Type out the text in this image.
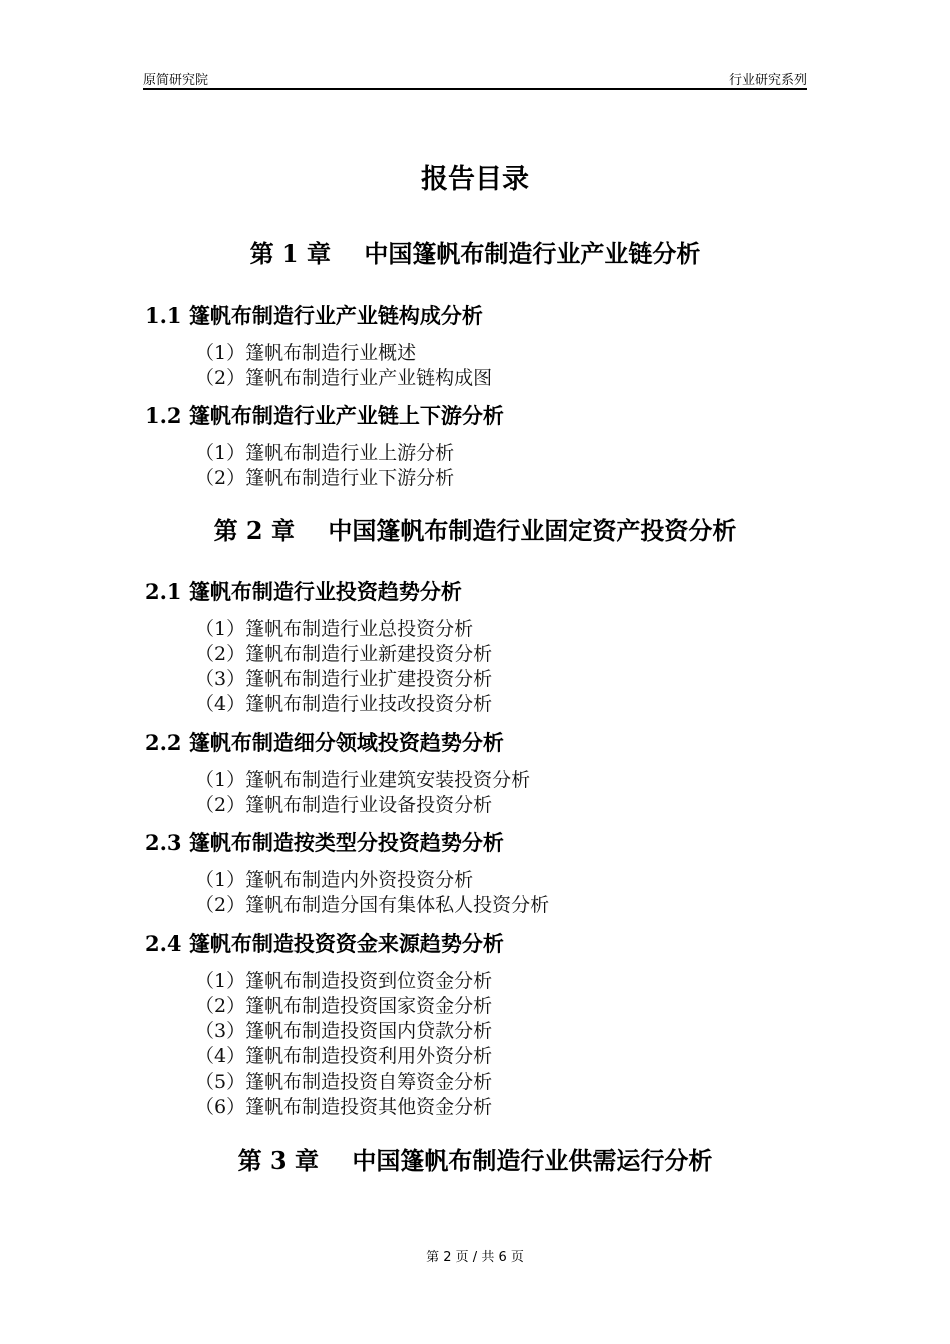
原简研究院	行业研究系列
报告目录
第 1 章    中国篷帆布制造行业产业链分析
1.1 篷帆布制造行业产业链构成分析
（1）篷帆布制造行业概述
（2）篷帆布制造行业产业链构成图
1.2 篷帆布制造行业产业链上下游分析
（1）篷帆布制造行业上游分析
（2）篷帆布制造行业下游分析
第 2 章    中国篷帆布制造行业固定资产投资分析
2.1 篷帆布制造行业投资趋势分析
（1）篷帆布制造行业总投资分析
（2）篷帆布制造行业新建投资分析
（3）篷帆布制造行业扩建投资分析
（4）篷帆布制造行业技改投资分析
2.2 篷帆布制造细分领域投资趋势分析
（1）篷帆布制造行业建筑安装投资分析
（2）篷帆布制造行业设备投资分析
2.3 篷帆布制造按类型分投资趋势分析
（1）篷帆布制造内外资投资分析
（2）篷帆布制造分国有集体私人投资分析
2.4 篷帆布制造投资资金来源趋势分析
（1）篷帆布制造投资到位资金分析
（2）篷帆布制造投资国家资金分析
（3）篷帆布制造投资国内贷款分析
（4）篷帆布制造投资利用外资分析
（5）篷帆布制造投资自筹资金分析
（6）篷帆布制造投资其他资金分析
第 3 章    中国篷帆布制造行业供需运行分析
第 2 页 / 共 6 页
